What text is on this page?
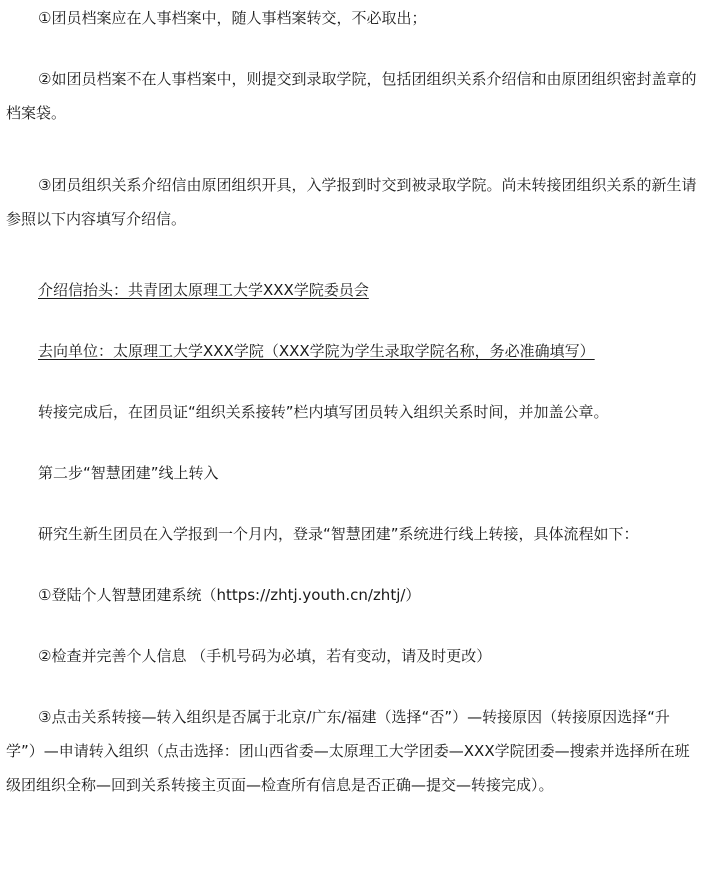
①团员档案应在人事档案中，随人事档案转交，不必取出；
②如团员档案不在人事档案中，则提交到录取学院，包括团组织关系介绍信和由原团组织密封盖章的档案袋。
③团员组织关系介绍信由原团组织开具，入学报到时交到被录取学院。尚未转接团组织关系的新生请参照以下内容填写介绍信。
介绍信抬头：共青团太原理工大学XXX学院委员会
去向单位：太原理工大学XXX学院（XXX学院为学生录取学院名称，务必准确填写）
转接完成后，在团员证“组织关系接转”栏内填写团员转入组织关系时间，并加盖公章。
第二步“智慧团建”线上转入
研究生新生团员在入学报到一个月内，登录“智慧团建”系统进行线上转接，具体流程如下：
①登陆个人智慧团建系统（https://zhtj.youth.cn/zhtj/）
②检查并完善个人信息 （手机号码为必填，若有变动，请及时更改）
③点击关系转接—转入组织是否属于北京/广东/福建（选择“否”）—转接原因（转接原因选择“升学”）—申请转入组织（点击选择：团山西省委—太原理工大学团委—XXX学院团委—搜索并选择所在班级团组织全称—回到关系转接主页面—检查所有信息是否正确—提交—转接完成）。
